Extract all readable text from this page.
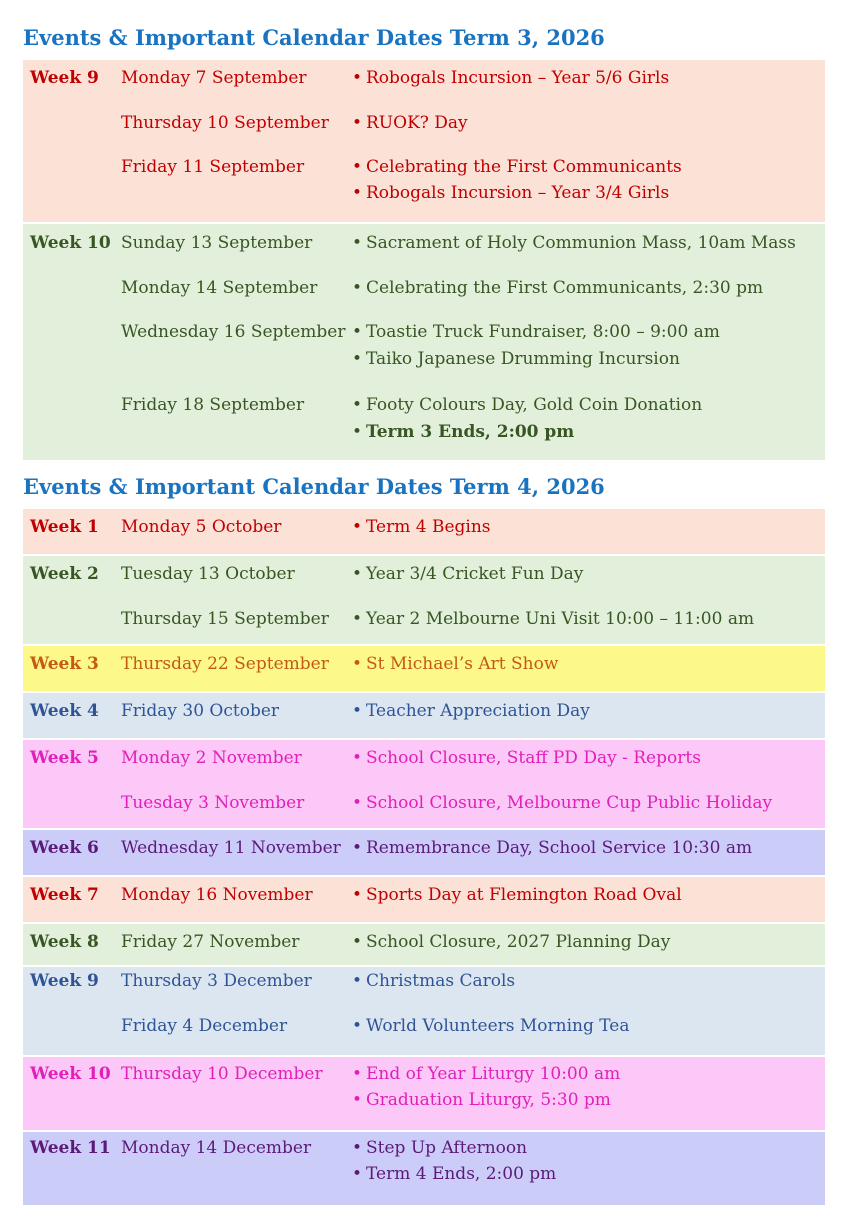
Events & Important Calendar Dates Term 3, 2026
Week 9 Monday 7 September	• Robogals Incursion – Year 5/6 Girls
Thursday 10 September • RUOK? Day
Friday 11 September	• Celebrating the First Communicants
• Robogals Incursion – Year 3/4 Girls
Week 10 Sunday 13 September • Sacrament of Holy Communion Mass, 10am Mass
Monday 14 September • Celebrating the First Communicants, 2:30 pm
Wednesday 16 September • Toastie Truck Fundraiser, 8:00 – 9:00 am
• Taiko Japanese Drumming Incursion
Friday 18 September	• Footy Colours Day, Gold Coin Donation
• Term 3 Ends, 2:00 pm
Events & Important Calendar Dates Term 4, 2026
Week 1 Monday 5 October	• Term 4 Begins
Week 2 Tuesday 13 October	• Year 3/4 Cricket Fun Day
Thursday 15 September • Year 2 Melbourne Uni Visit 10:00 – 11:00 am
Week 3 Thursday 22 September • St Michael’s Art Show
Week 4 Friday 30 October	• Teacher Appreciation Day
Week 5 Monday 2 November	• School Closure, Staff PD Day - Reports
Tuesday 3 November	• School Closure, Melbourne Cup Public Holiday
Week 6 Wednesday 11 November • Remembrance Day, School Service 10:30 am
Week 7 Monday 16 November • Sports Day at Flemington Road Oval
Week 8 Friday 27 November	• School Closure, 2027 Planning Day
Week 9 Thursday 3 December • Christmas Carols
Friday 4 December	• World Volunteers Morning Tea
Week 10 Thursday 10 December • End of Year Liturgy 10:00 am
• Graduation Liturgy, 5:30 pm
Week 11 Monday 14 December • Step Up Afternoon
• Term 4 Ends, 2:00 pm
